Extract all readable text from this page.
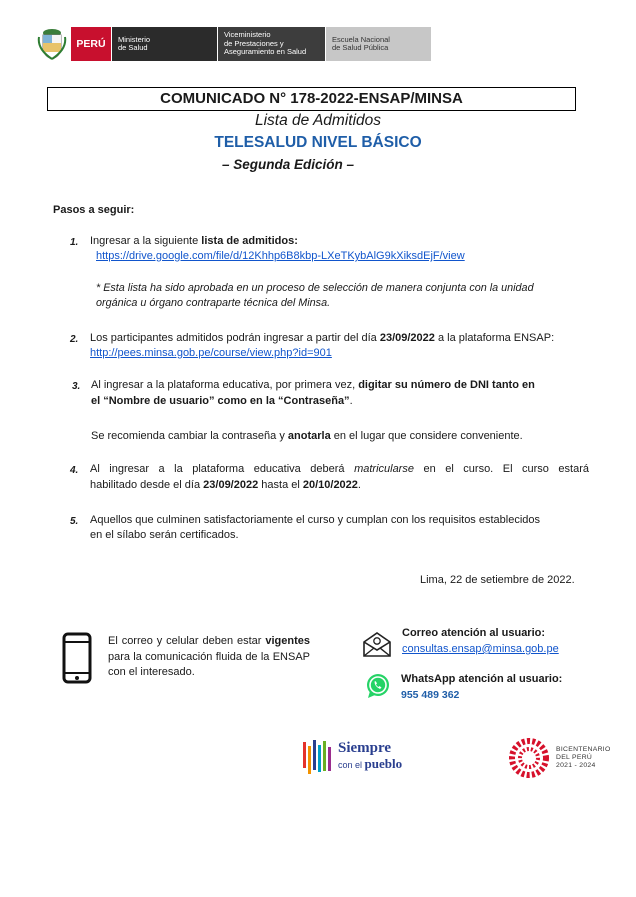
PERÚ	Ministerio
de Salud
Viceministerio
de Prestaciones y
Aseguramiento en Salud
Escuela Nacional
de Salud Pública
COMUNICADO N° 178-2022-ENSAP/MINSA
Lista de Admitidos
TELESALUD NIVEL BÁSICO
– Segunda Edición –
Pasos a seguir:
1. Ingresar a la siguiente lista de admitidos:
https://drive.google.com/file/d/12Khhp6B8kbp-LXeTKybAlG9kXiksdEjF/view
* Esta lista ha sido aprobada en un proceso de selección de manera conjunta con la unidad
orgánica u órgano contraparte técnica del Minsa.
2. Los participantes admitidos podrán ingresar a partir del día 23/09/2022 a la plataforma ENSAP:
http://pees.minsa.gob.pe/course/view.php?id=901
3. Al ingresar a la plataforma educativa, por primera vez, digitar su número de DNI tanto en
el “Nombre de usuario” como en la “Contraseña”.
Se recomienda cambiar la contraseña y anotarla en el lugar que considere conveniente.
4. Al ingresar a la plataforma educativa deberá matricularse en el curso. El curso estará
habilitado desde el día 23/09/2022 hasta el 20/10/2022.
5. Aquellos que culminen satisfactoriamente el curso y cumplan con los requisitos establecidos
en el sílabo serán certificados.
Lima, 22 de setiembre de 2022.
El correo y celular deben estar vigentes para la comunicación fluida de la ENSAP con el interesado.
Correo atención al usuario:
consultas.ensap@minsa.gob.pe
WhatsApp atención al usuario:
955 489 362
Siempre
con el pueblo
BICENTENARIO
DEL PERÚ
2021 - 2024
